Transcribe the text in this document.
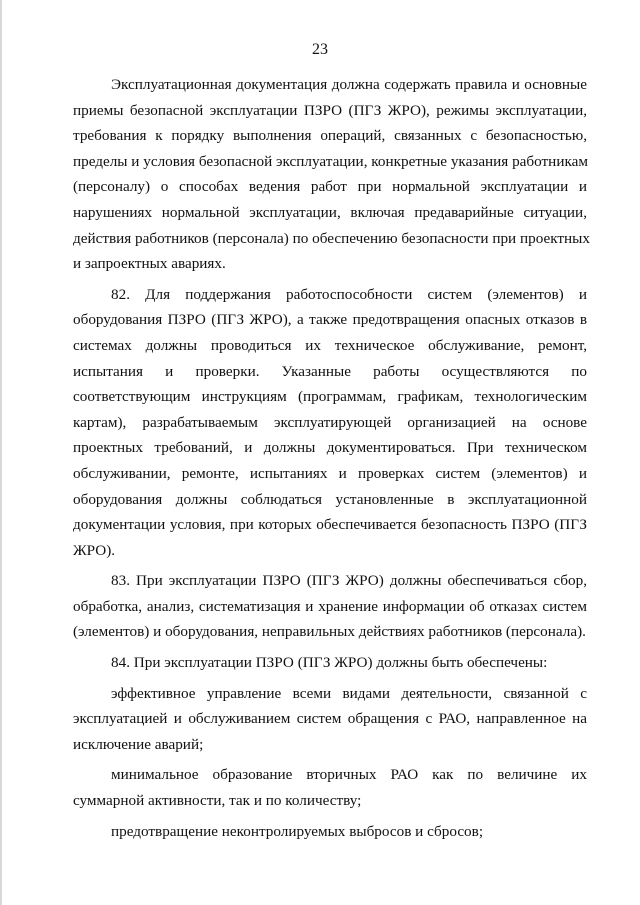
23

Эксплуатационная документация должна содержать правила и основные
приемы безопасной эксплуатации ПЗРО (ПГЗ ЖРО), режимы эксплуатации,
требования к порядку выполнения операций, связанных с безопасностью,
пределы и условия безопасной эксплуатации, конкретные указания работникам
(персоналу) о способах ведения работ при нормальной эксплуатации и
нарушениях нормальной эксплуатации, включая предаварийные ситуации,
действия работников (персонала) по обеспечению безопасности при проектных
и запроектных авариях.

82. Для поддержания работоспособности систем (элементов) и
оборудования ПЗРО (ПГЗ ЖРО), а также предотвращения опасных отказов в
системах должны проводиться их техническое обслуживание, ремонт,
испытания и проверки. Указанные работы осуществляются по
соответствующим инструкциям (программам, графикам, технологическим
картам), разрабатываемым эксплуатирующей организацией на основе
проектных требований, и должны документироваться. При техническом
обслуживании, ремонте, испытаниях и проверках систем (элементов) и
оборудования должны соблюдаться установленные в эксплуатационной
документации условия, при которых обеспечивается безопасность ПЗРО (ПГЗ
ЖРО).

83. При эксплуатации ПЗРО (ПГЗ ЖРО) должны обеспечиваться сбор,
обработка, анализ, систематизация и хранение информации об отказах систем
(элементов) и оборудования, неправильных действиях работников (персонала).

84. При эксплуатации ПЗРО (ПГЗ ЖРО) должны быть обеспечены:

эффективное управление всеми видами деятельности, связанной с
эксплуатацией и обслуживанием систем обращения с РАО, направленное на
исключение аварий;

минимальное образование вторичных РАО как по величине их
суммарной активности, так и по количеству;

предотвращение неконтролируемых выбросов и сбросов;
